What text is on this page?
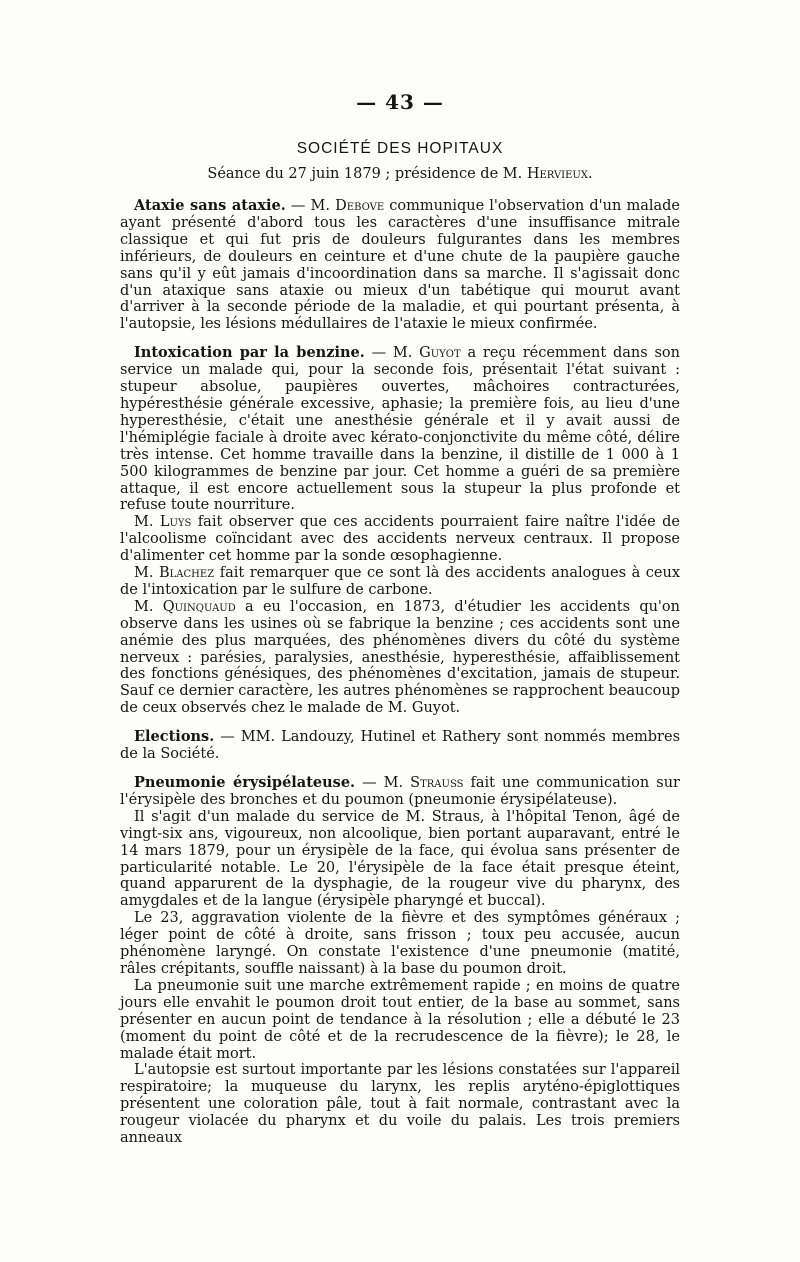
— 43 —
SOCIÉTÉ DES HOPITAUX
Séance du 27 juin 1879 ; présidence de M. Hervieux.

Ataxie sans ataxie. — M. Debove communique l'observation d'un malade ayant présenté d'abord tous les caractères d'une insuffisance mitrale classique et qui fut pris de douleurs fulgurantes dans les membres inférieurs, de douleurs en ceinture et d'une chute de la paupière gauche sans qu'il y eût jamais d'incoordination dans sa marche. Il s'agissait donc d'un ataxique sans ataxie ou mieux d'un tabétique qui mourut avant d'arriver à la seconde période de la maladie, et qui pourtant présenta, à l'autopsie, les lésions médullaires de l'ataxie le mieux confirmée.

Intoxication par la benzine. — M. Guyot a reçu récemment dans son service un malade qui, pour la seconde fois, présentait l'état suivant : stupeur absolue, paupières ouvertes, mâchoires contracturées, hypéresthésie générale excessive, aphasie; la première fois, au lieu d'une hyperesthésie, c'était une anesthésie générale et il y avait aussi de l'hémiplégie faciale à droite avec kérato-conjonctivite du même côté, délire très intense. Cet homme travaille dans la benzine, il distille de 1 000 à 1 500 kilogrammes de benzine par jour. Cet homme a guéri de sa première attaque, il est encore actuellement sous la stupeur la plus profonde et refuse toute nourriture.

M. Luys fait observer que ces accidents pourraient faire naître l'idée de l'alcoolisme coïncidant avec des accidents nerveux centraux. Il propose d'alimenter cet homme par la sonde œsophagienne.

M. Blachez fait remarquer que ce sont là des accidents analogues à ceux de l'intoxication par le sulfure de carbone.

M. Quinquaud a eu l'occasion, en 1873, d'étudier les accidents qu'on observe dans les usines où se fabrique la benzine ; ces accidents sont une anémie des plus marquées, des phénomènes divers du côté du système nerveux : parésies, paralysies, anesthésie, hyperesthésie, affaiblissement des fonctions génésiques, des phénomènes d'excitation, jamais de stupeur. Sauf ce dernier caractère, les autres phénomènes se rapprochent beaucoup de ceux observés chez le malade de M. Guyot.

Elections. — MM. Landouzy, Hutinel et Rathery sont nommés membres de la Société.

Pneumonie érysipélateuse. — M. Strauss fait une communication sur l'érysipèle des bronches et du poumon (pneumonie érysipélateuse).

Il s'agit d'un malade du service de M. Straus, à l'hôpital Tenon, âgé de vingt-six ans, vigoureux, non alcoolique, bien portant auparavant, entré le 14 mars 1879, pour un érysipèle de la face, qui évolua sans présenter de particularité notable. Le 20, l'érysipèle de la face était presque éteint, quand apparurent de la dysphagie, de la rougeur vive du pharynx, des amygdales et de la langue (érysipèle pharyngé et buccal).

Le 23, aggravation violente de la fièvre et des symptômes généraux ; léger point de côté à droite, sans frisson ; toux peu accusée, aucun phénomène laryngé. On constate l'existence d'une pneumonie (matité, râles crépitants, souffle naissant) à la base du poumon droit.

La pneumonie suit une marche extrêmement rapide ; en moins de quatre jours elle envahit le poumon droit tout entier, de la base au sommet, sans présenter en aucun point de tendance à la résolution ; elle a débuté le 23 (moment du point de côté et de la recrudescence de la fièvre); le 28, le malade était mort.

L'autopsie est surtout importante par les lésions constatées sur l'appareil respiratoire; la muqueuse du larynx, les replis aryténo-épiglottiques présentent une coloration pâle, tout à fait normale, contrastant avec la rougeur violacée du pharynx et du voile du palais. Les trois premiers anneaux
